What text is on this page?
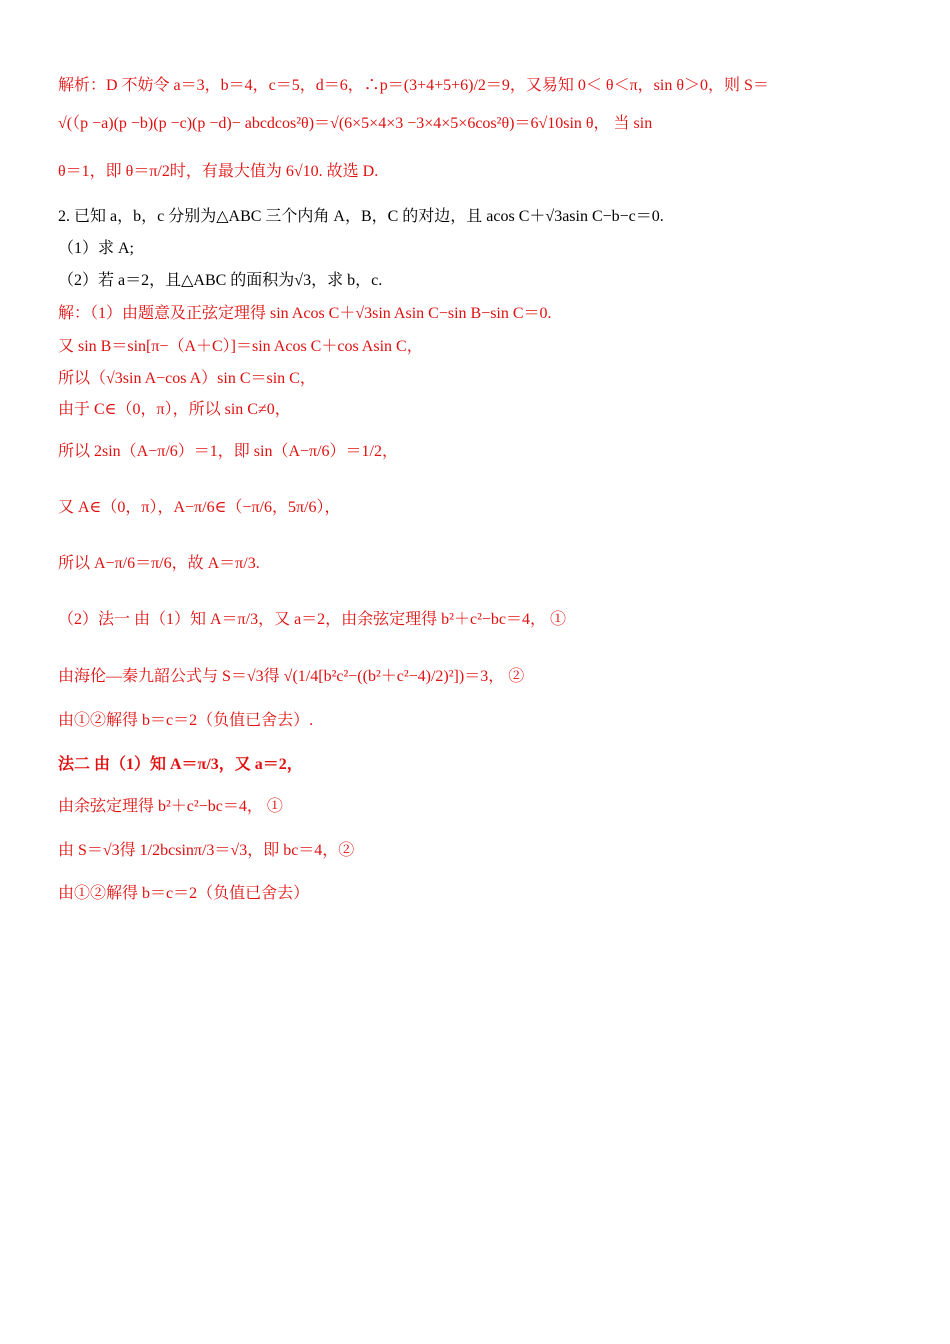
解析：D 不妨令 a＝3，b＝4，c＝5，d＝6，∴p＝(3+4+5+6)/2＝9，又易知 0＜ θ＜π，sin θ＞0，则 S＝
√(（p −a)(p −b)(p −c)(p −d)− abcdcos²θ)＝√(6×5×4×3 −3×4×5×6cos²θ)＝6√10sin θ， 当 sin
θ＝1，即 θ＝π/2时，有最大值为 6√10. 故选 D.
2. 已知 a，b，c 分别为△ABC 三个内角 A，B，C 的对边，且 acos C＋√3asin C−b−c＝0.
（1）求 A;
（2）若 a＝2，且△ABC 的面积为√3，求 b，c.
解：（1）由题意及正弦定理得 sin Acos C＋√3sin Asin C−sin B−sin C＝0.
又 sin B＝sin[π−（A＋C）]＝sin Acos C＋cos Asin C，
所以（√3sin A−cos A）sin C＝sin C，
由于 C∈（0，π），所以 sin C≠0，
所以 2sin（A−π/6）＝1，即 sin（A−π/6）＝1/2，
又 A∈（0，π），A−π/6∈（−π/6，5π/6），
所以 A−π/6＝π/6，故 A＝π/3.
（2）法一 由（1）知 A＝π/3，又 a＝2，由余弦定理得 b²＋c²−bc＝4， ①
由海伦—秦九韶公式与 S＝√3得 √(1/4[b²c²−((b²＋c²−4)/2)²])＝3， ②
由①②解得 b＝c＝2（负值已舍去）.
法二 由（1）知 A＝π/3，又 a＝2，
由余弦定理得 b²＋c²−bc＝4， ①
由 S＝√3得 1/2bcsinπ/3＝√3，即 bc＝4，②
由①②解得 b＝c＝2（负值已舍去）
